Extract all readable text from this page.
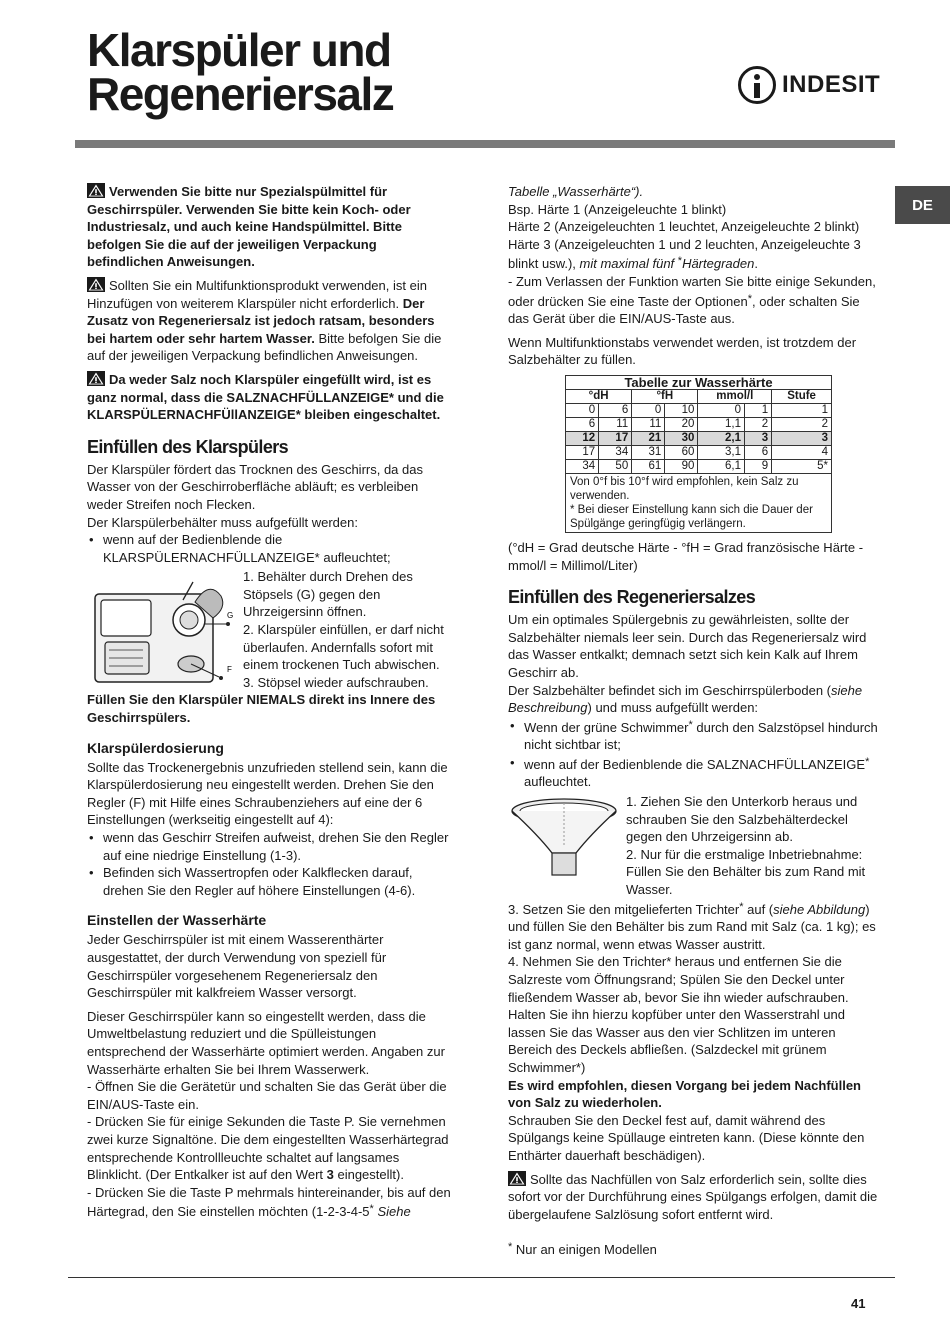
Klarspüler und
Regeneriersalz	INDESIT
DE

Verwenden Sie bitte nur Spezialspülmittel für Geschirrspüler. Verwenden Sie bitte kein Koch- oder Industriesalz, und auch keine Handspülmittel. Bitte befolgen Sie die auf der jeweiligen Verpackung befindlichen Anweisungen.

Sollten Sie ein Multifunktionsprodukt verwenden, ist ein Hinzufügen von weiterem Klarspüler nicht erforderlich. Der Zusatz von Regeneriersalz ist jedoch ratsam, besonders bei hartem oder sehr hartem Wasser. Bitte befolgen Sie die auf der jeweiligen Verpackung befindlichen Anweisungen.

Da weder Salz noch Klarspüler eingefüllt wird, ist es ganz normal, dass die SALZNACHFÜLLANZEIGE* und die KLARSPÜLERNACHFÜllANZEIGE* bleiben eingeschaltet.

Einfüllen des Klarspülers
Der Klarspüler fördert das Trocknen des Geschirrs, da das Wasser von der Geschirroberfläche abläuft; es verbleiben weder Streifen noch Flecken.
Der Klarspülerbehälter muss aufgefüllt werden:
• wenn auf der Bedienblende die KLARSPÜLERNACHFÜLLANZEIGE* aufleuchtet;
G
F
1. Behälter durch Drehen des Stöpsels (G) gegen den Uhrzeigersinn öffnen.
2. Klarspüler einfüllen, er darf nicht überlaufen. Andernfalls sofort mit einem trockenen Tuch abwischen.
3. Stöpsel wieder aufschrauben.
Füllen Sie den Klarspüler NIEMALS direkt ins Innere des Geschirrspülers.
Klarspülerdosierung
Sollte das Trockenergebnis unzufrieden stellend sein, kann die Klarspülerdosierung neu eingestellt werden. Drehen Sie den Regler (F) mit Hilfe eines Schraubenziehers auf eine der 6 Einstellungen (werkseitig eingestellt auf 4):
• wenn das Geschirr Streifen aufweist, drehen Sie den Regler auf eine niedrige Einstellung (1-3).
• Befinden sich Wassertropfen oder Kalkflecken darauf, drehen Sie den Regler auf höhere Einstellungen (4-6).
Einstellen der Wasserhärte

Jeder Geschirrspüler ist mit einem Wasserenthärter ausgestattet, der durch Verwendung von speziell für Geschirrspüler vorgesehenem Regeneriersalz den Geschirrspüler mit kalkfreiem Wasser versorgt.

Dieser Geschirrspüler kann so eingestellt werden, dass die Umweltbelastung reduziert und die Spülleistungen entsprechend der Wasserhärte optimiert werden. Angaben zur Wasserhärte erhalten Sie bei Ihrem Wasserwerk.
- Öffnen Sie die Gerätetür und schalten Sie das Gerät über die EIN/AUS-Taste ein.
- Drücken Sie für einige Sekunden die Taste P. Sie vernehmen zwei kurze Signaltöne. Die dem eingestellten Wasserhärtegrad entsprechende Kontrollleuchte schaltet auf langsames Blinklicht. (Der Entkalker ist auf den Wert 3 eingestellt).
- Drücken Sie die Taste P mehrmals hintereinander, bis auf den Härtegrad, den Sie einstellen möchten (1-2-3-4-5* Siehe
Tabelle „Wasserhärte“).
Bsp. Härte 1 (Anzeigeleuchte 1 blinkt)
Härte 2 (Anzeigeleuchten 1 leuchtet, Anzeigeleuchte 2 blinkt)
Härte 3 (Anzeigeleuchten 1 und 2 leuchten, Anzeigeleuchte 3 blinkt usw.), mit maximal fünf *Härtegraden.

- Zum Verlassen der Funktion warten Sie bitte einige Sekunden, oder drücken Sie eine Taste der Optionen*, oder schalten Sie das Gerät über die EIN/AUS-Taste aus.

Wenn Multifunktionstabs verwendet werden, ist trotzdem der Salzbehälter zu füllen.
Tabelle zur Wasserhärte						
°dH		°fH		mmol/l		Stufe
0	6	0	10	0	1	1
6	11	11	20	1,1	2	2
12	17	21	30	2,1	3	3
17	34	31	60	3,1	6	4
34	50	61	90	6,1	9	5*

Von 0°f bis 10°f wird empfohlen, kein Salz zu verwenden.
* Bei dieser Einstellung kann sich die Dauer der Spülgänge geringfügig verlängern.						

(°dH = Grad deutsche Härte - °fH = Grad französische Härte - mmol/l = Millimol/Liter)

Einfüllen des Regeneriersalzes
Um ein optimales Spülergebnis zu gewährleisten, sollte der Salzbehälter niemals leer sein. Durch das Regeneriersalz wird das Wasser entkalkt; demnach setzt sich kein Kalk auf Ihrem Geschirr ab.
Der Salzbehälter befindet sich im Geschirrspülerboden (siehe Beschreibung) und muss aufgefüllt werden:
• Wenn der grüne Schwimmer* durch den Salzstöpsel hindurch nicht sichtbar ist;
• wenn auf der Bedienblende die SALZNACHFÜLLANZEIGE* aufleuchtet.
1. Ziehen Sie den Unterkorb heraus und schrauben Sie den Salzbehälterdeckel gegen den Uhrzeigersinn ab.
2. Nur für die erstmalige Inbetriebnahme: Füllen Sie den Behälter bis zum Rand mit Wasser.
3. Setzen Sie den mitgelieferten Trichter* auf (siehe Abbildung) und füllen Sie den Behälter bis zum Rand mit Salz (ca. 1 kg); es ist ganz normal, wenn etwas Wasser austritt.
4. Nehmen Sie den Trichter* heraus und entfernen Sie die Salzreste vom Öffnungsrand; Spülen Sie den Deckel unter fließendem Wasser ab, bevor Sie ihn wieder aufschrauben. Halten Sie ihn hierzu kopfüber unter den Wasserstrahl und lassen Sie das Wasser aus den vier Schlitzen im unteren Bereich des Deckels abfließen. (Salzdeckel mit grünem Schwimmer*)
Es wird empfohlen, diesen Vorgang bei jedem Nachfüllen von Salz zu wiederholen.

Schrauben Sie den Deckel fest auf, damit während des Spülgangs keine Spüllauge eintreten kann. (Diese könnte den Enthärter dauerhaft beschädigen).

Sollte das Nachfüllen von Salz erforderlich sein, sollte dies sofort vor der Durchführung eines Spülgangs erfolgen, damit die übergelaufene Salzlösung sofort entfernt wird.

* Nur an einigen Modellen
41
